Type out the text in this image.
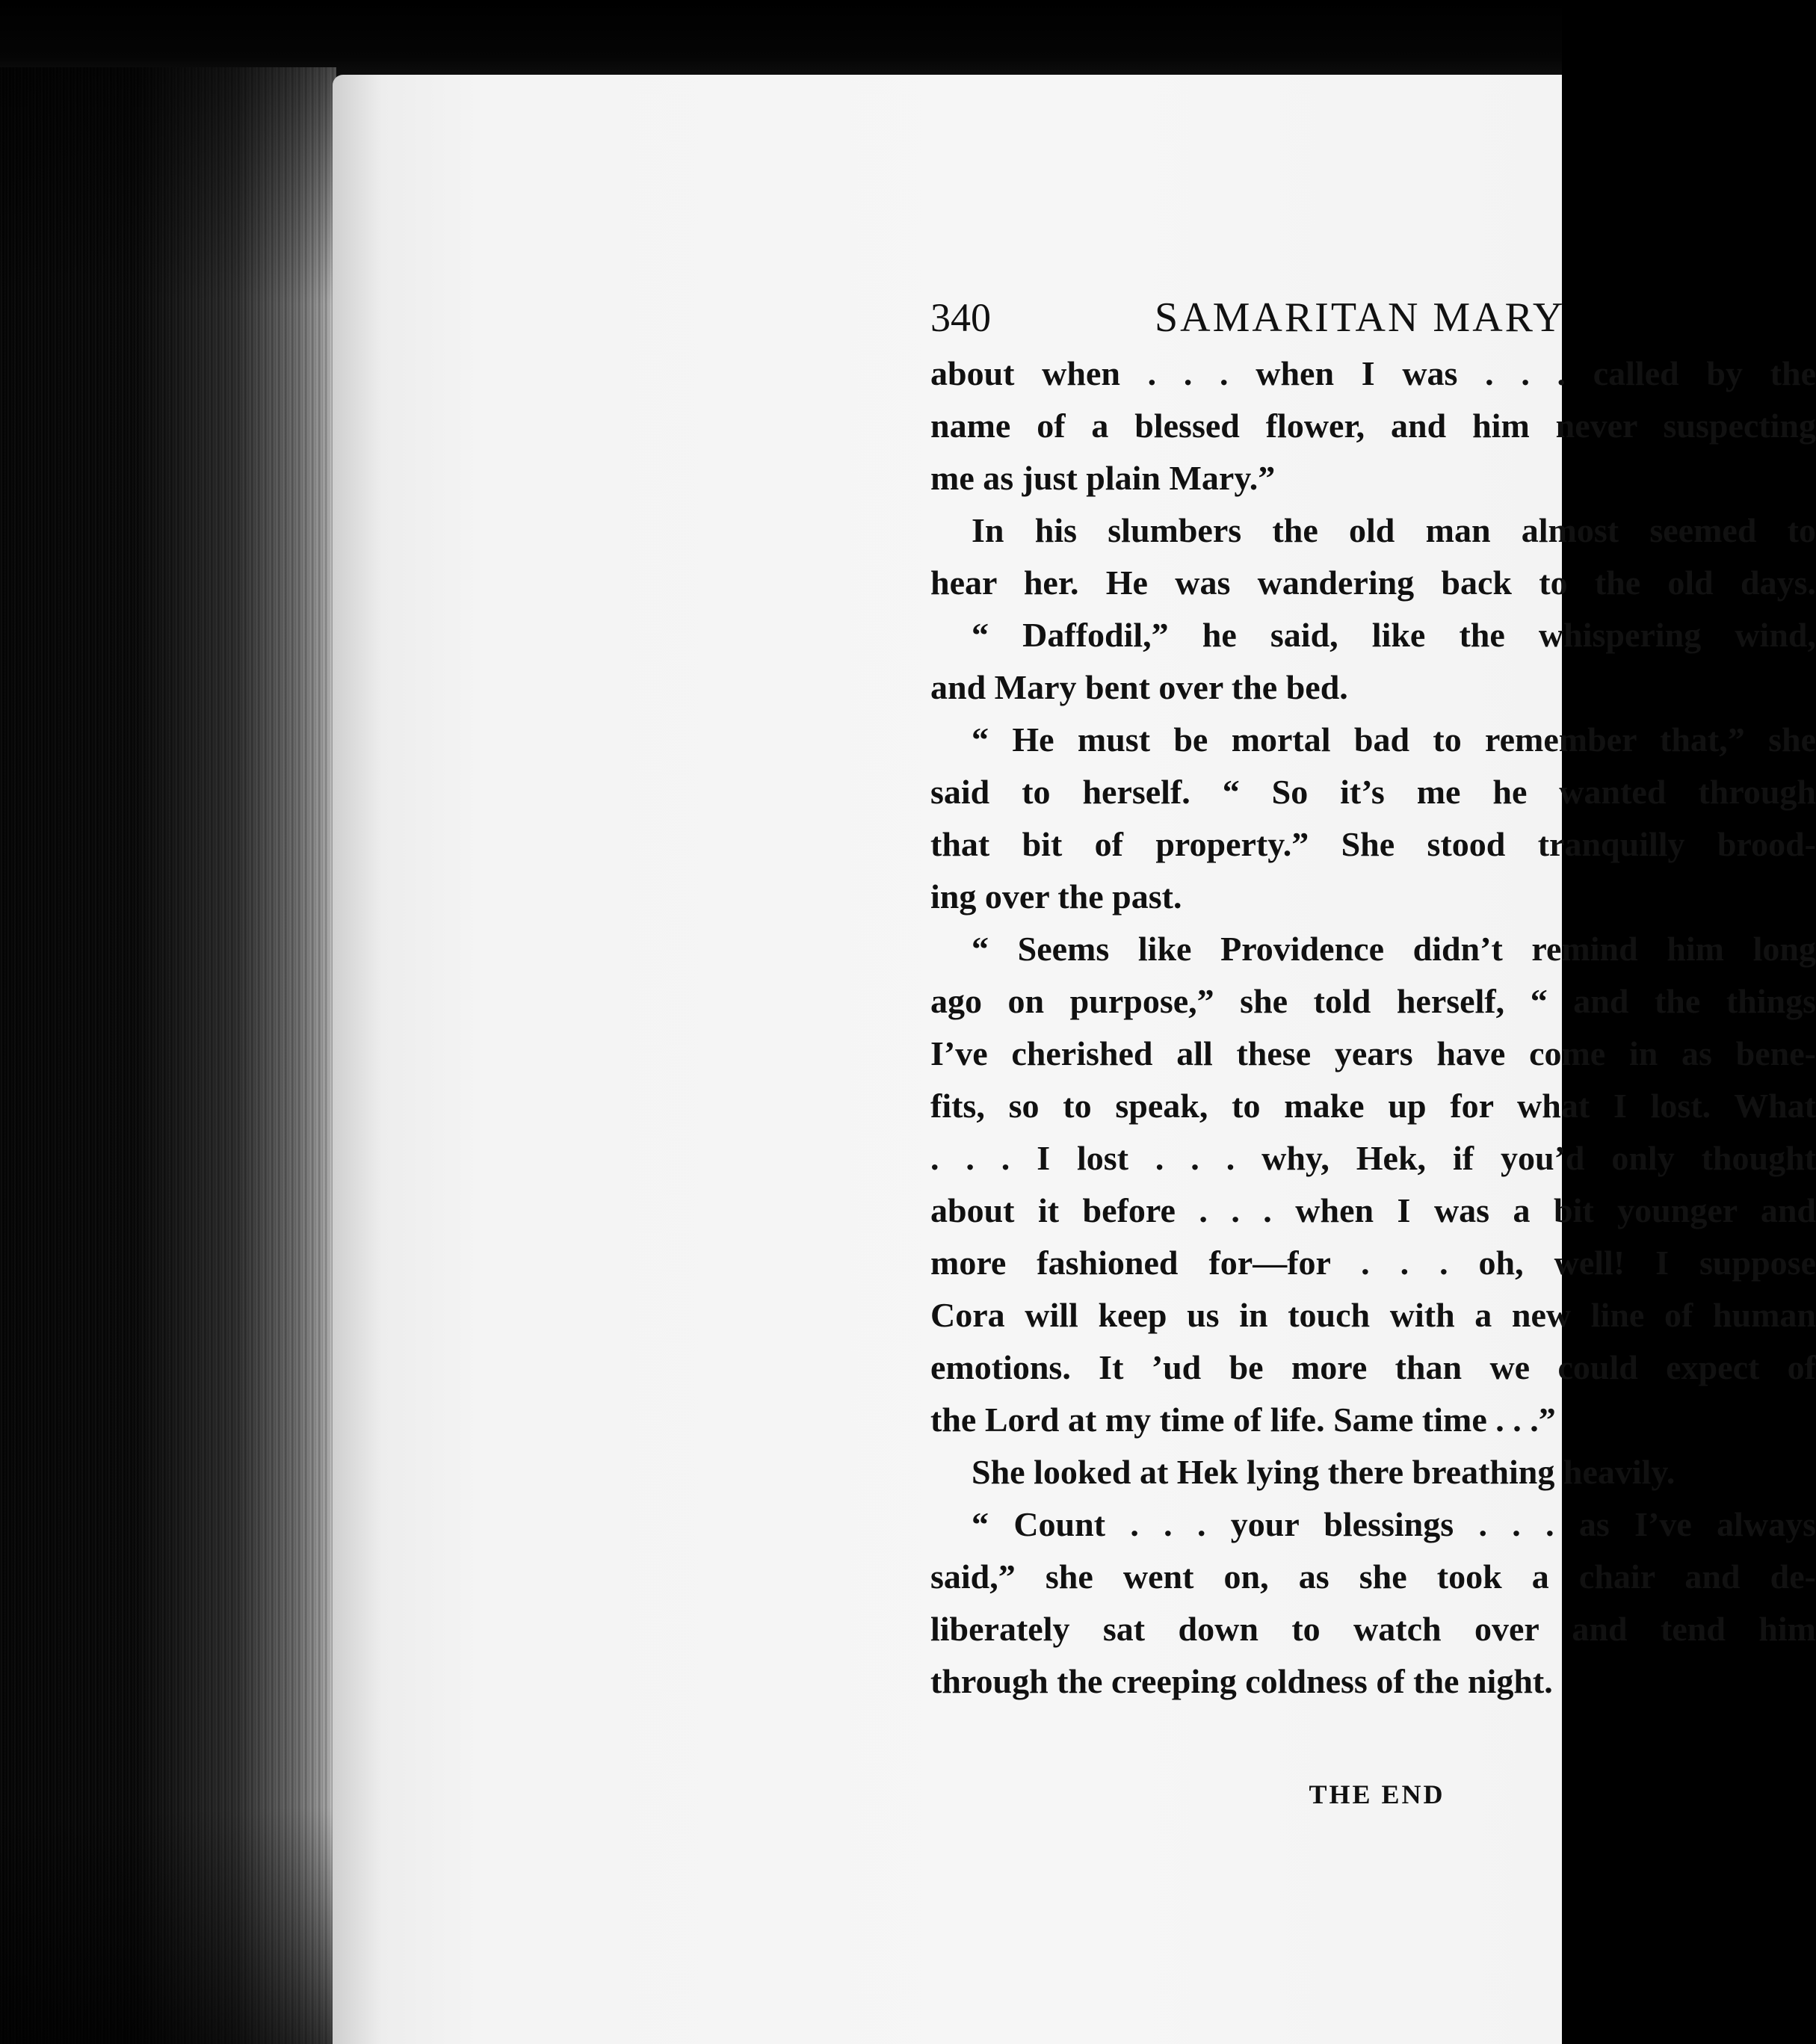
340	SAMARITAN MARY
about when . . . when I was . . . called by the
name of a blessed flower, and him never suspecting
me as just plain Mary.”
In his slumbers the old man almost seemed to
hear her. He was wandering back to the old days.
“ Daffodil,” he said, like the whispering wind,
and Mary bent over the bed.
“ He must be mortal bad to remember that,” she
said to herself. “ So it’s me he wanted through
that bit of property.” She stood tranquilly brood-
ing over the past.
“ Seems like Providence didn’t remind him long
ago on purpose,” she told herself, “ and the things
I’ve cherished all these years have come in as bene-
fits, so to speak, to make up for what I lost. What
. . . I lost . . . why, Hek, if you’d only thought
about it before . . . when I was a bit younger and
more fashioned for—for . . . oh, well! I suppose
Cora will keep us in touch with a new line of human
emotions. It ’ud be more than we could expect of
the Lord at my time of life. Same time . . .”
She looked at Hek lying there breathing heavily.
“ Count . . . your blessings . . . as I’ve always
said,” she went on, as she took a chair and de-
liberately sat down to watch over and tend him
through the creeping coldness of the night.
THE END
